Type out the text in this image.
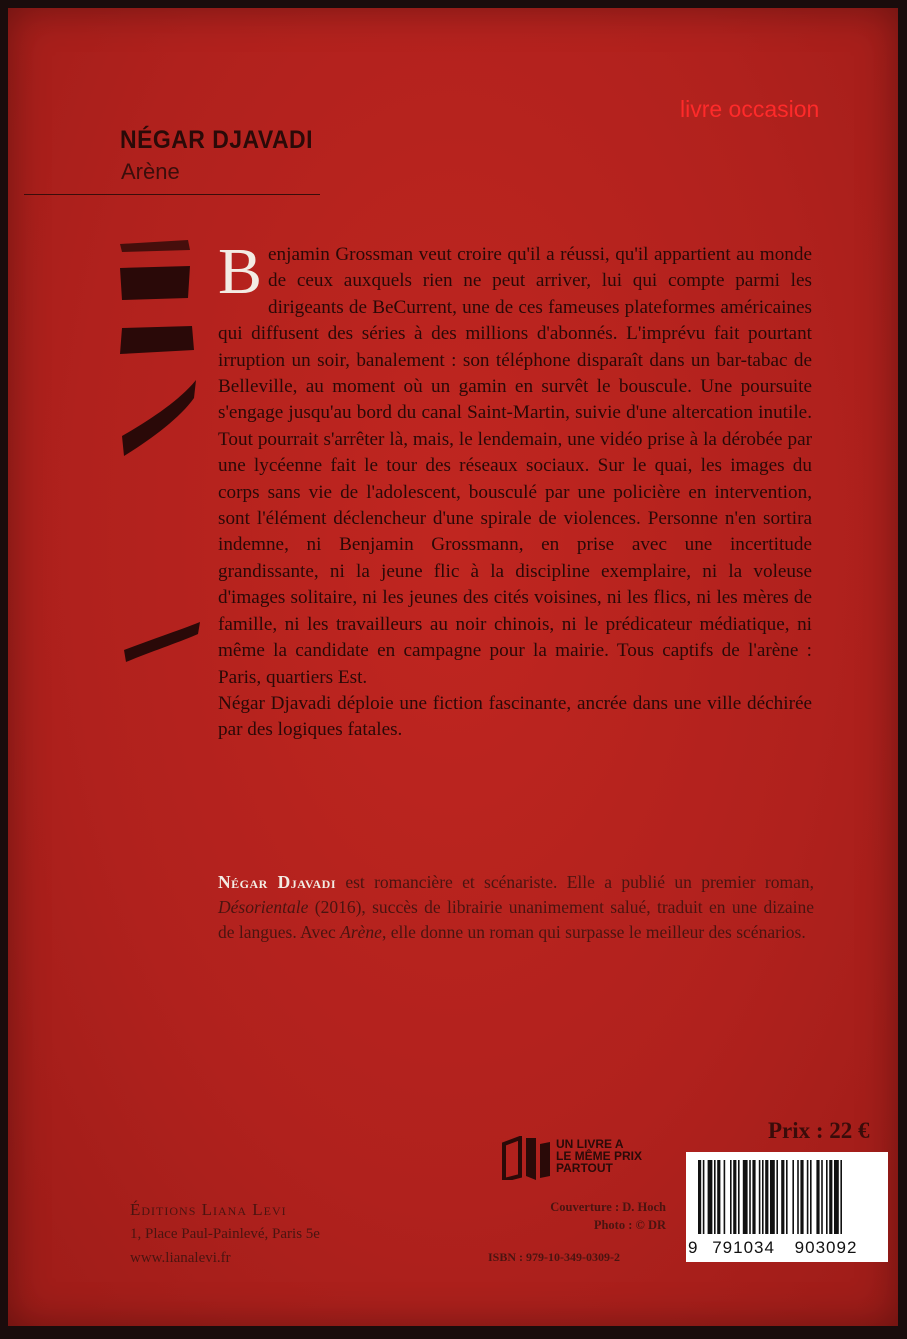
livre occasion
NÉGAR DJAVADI
Arène
Benjamin Grossman veut croire qu'il a réussi, qu'il appartient au monde de ceux auxquels rien ne peut arriver, lui qui compte parmi les dirigeants de BeCurrent, une de ces fameuses plateformes américaines qui diffusent des séries à des millions d'abonnés. L'imprévu fait pourtant irruption un soir, banalement : son téléphone disparaît dans un bar-tabac de Belleville, au moment où un gamin en survêt le bouscule. Une poursuite s'engage jusqu'au bord du canal Saint-Martin, suivie d'une altercation inutile. Tout pourrait s'arrêter là, mais, le lendemain, une vidéo prise à la dérobée par une lycéenne fait le tour des réseaux sociaux. Sur le quai, les images du corps sans vie de l'adolescent, bousculé par une policière en intervention, sont l'élément déclencheur d'une spirale de violences. Personne n'en sortira indemne, ni Benjamin Grossmann, en prise avec une incertitude grandissante, ni la jeune flic à la discipline exemplaire, ni la voleuse d'images solitaire, ni les jeunes des cités voisines, ni les flics, ni les mères de famille, ni les travailleurs au noir chinois, ni le prédicateur médiatique, ni même la candidate en campagne pour la mairie. Tous captifs de l'arène : Paris, quartiers Est.
Négar Djavadi déploie une fiction fascinante, ancrée dans une ville déchirée par des logiques fatales.
Négar Djavadi est romancière et scénariste. Elle a publié un premier roman, Désorientale (2016), succès de librairie unanimement salué, traduit en une dizaine de langues. Avec Arène, elle donne un roman qui surpasse le meilleur des scénarios.
Prix : 22 €
UN LIVRE A
LE MÊME PRIX
PARTOUT
Couverture : D. Hoch
Photo : © DR
ISBN : 979-10-349-0309-2
Éditions Liana Levi
1, Place Paul-Painlevé, Paris 5e
www.lianalevi.fr
9 791034 903092
